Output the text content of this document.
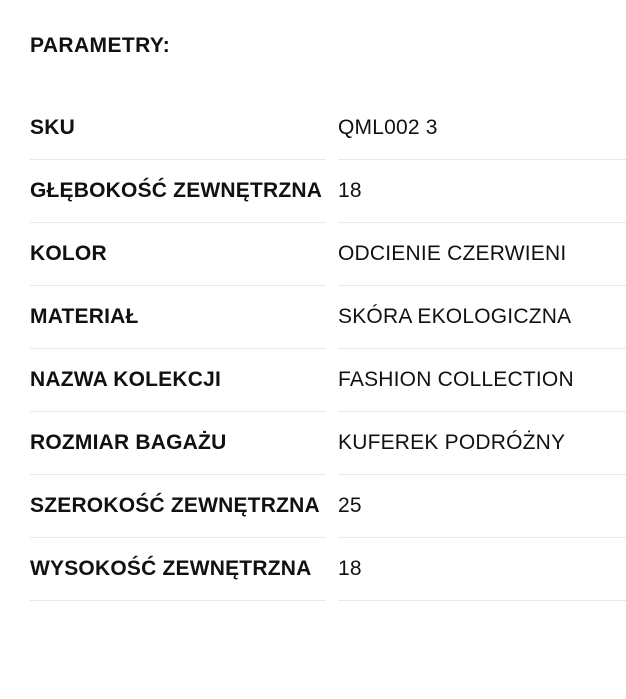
PARAMETRY:
SKU	QML002 3
GŁĘBOKOŚĆ ZEWNĘTRZNA 18
KOLOR	ODCIENIE CZERWIENI
MATERIAŁ	SKÓRA EKOLOGICZNA
NAZWA KOLEKCJI	FASHION COLLECTION
ROZMIAR BAGAŻU	KUFEREK PODRÓŻNY
SZEROKOŚĆ ZEWNĘTRZNA 25
WYSOKOŚĆ ZEWNĘTRZNA	18
